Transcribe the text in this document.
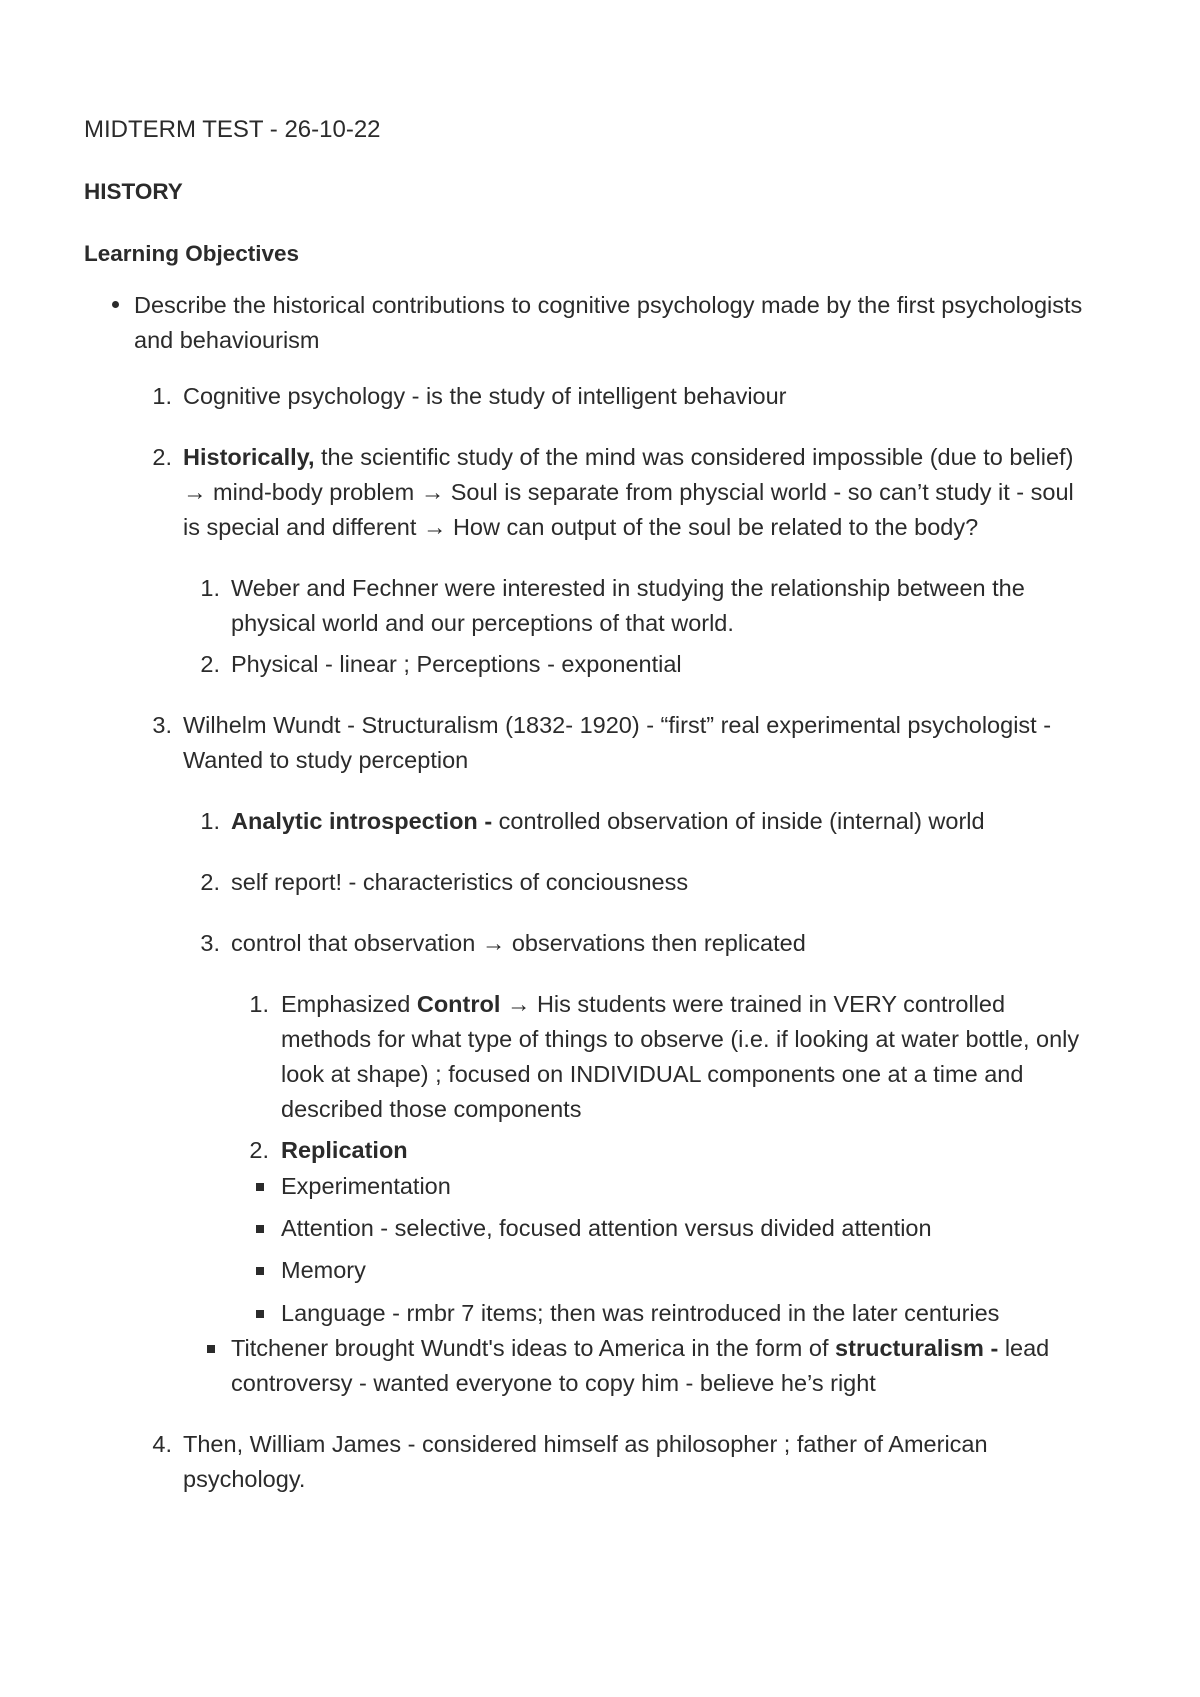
MIDTERM TEST - 26-10-22
HISTORY
Learning Objectives
Describe the historical contributions to cognitive psychology made by the first psychologists
and behaviourism
1. Cognitive psychology - is the study of intelligent behaviour
2. Historically, the scientific study of the mind was considered impossible (due to belief)
→ mind-body problem → Soul is separate from physcial world - so can’t study it - soul
is special and different → How can output of the soul be related to the body?
1. Weber and Fechner were interested in studying the relationship between the
physical world and our perceptions of that world.
2. Physical - linear ; Perceptions - exponential
3. Wilhelm Wundt - Structuralism (1832- 1920) - “first” real experimental psychologist -
Wanted to study perception
1. Analytic introspection - controlled observation of inside (internal) world
2. self report! - characteristics of conciousness
3. control that observation → observations then replicated
1. Emphasized Control → His students were trained in VERY controlled
methods for what type of things to observe (i.e. if looking at water bottle, only
look at shape) ; focused on INDIVIDUAL components one at a time and
described those components
2. Replication
Experimentation
Attention - selective, focused attention versus divided attention
Memory
Language - rmbr 7 items; then was reintroduced in the later centuries
Titchener brought Wundt's ideas to America in the form of structuralism - lead
controversy - wanted everyone to copy him - believe he’s right
4. Then, William James - considered himself as philosopher ; father of American
psychology.
